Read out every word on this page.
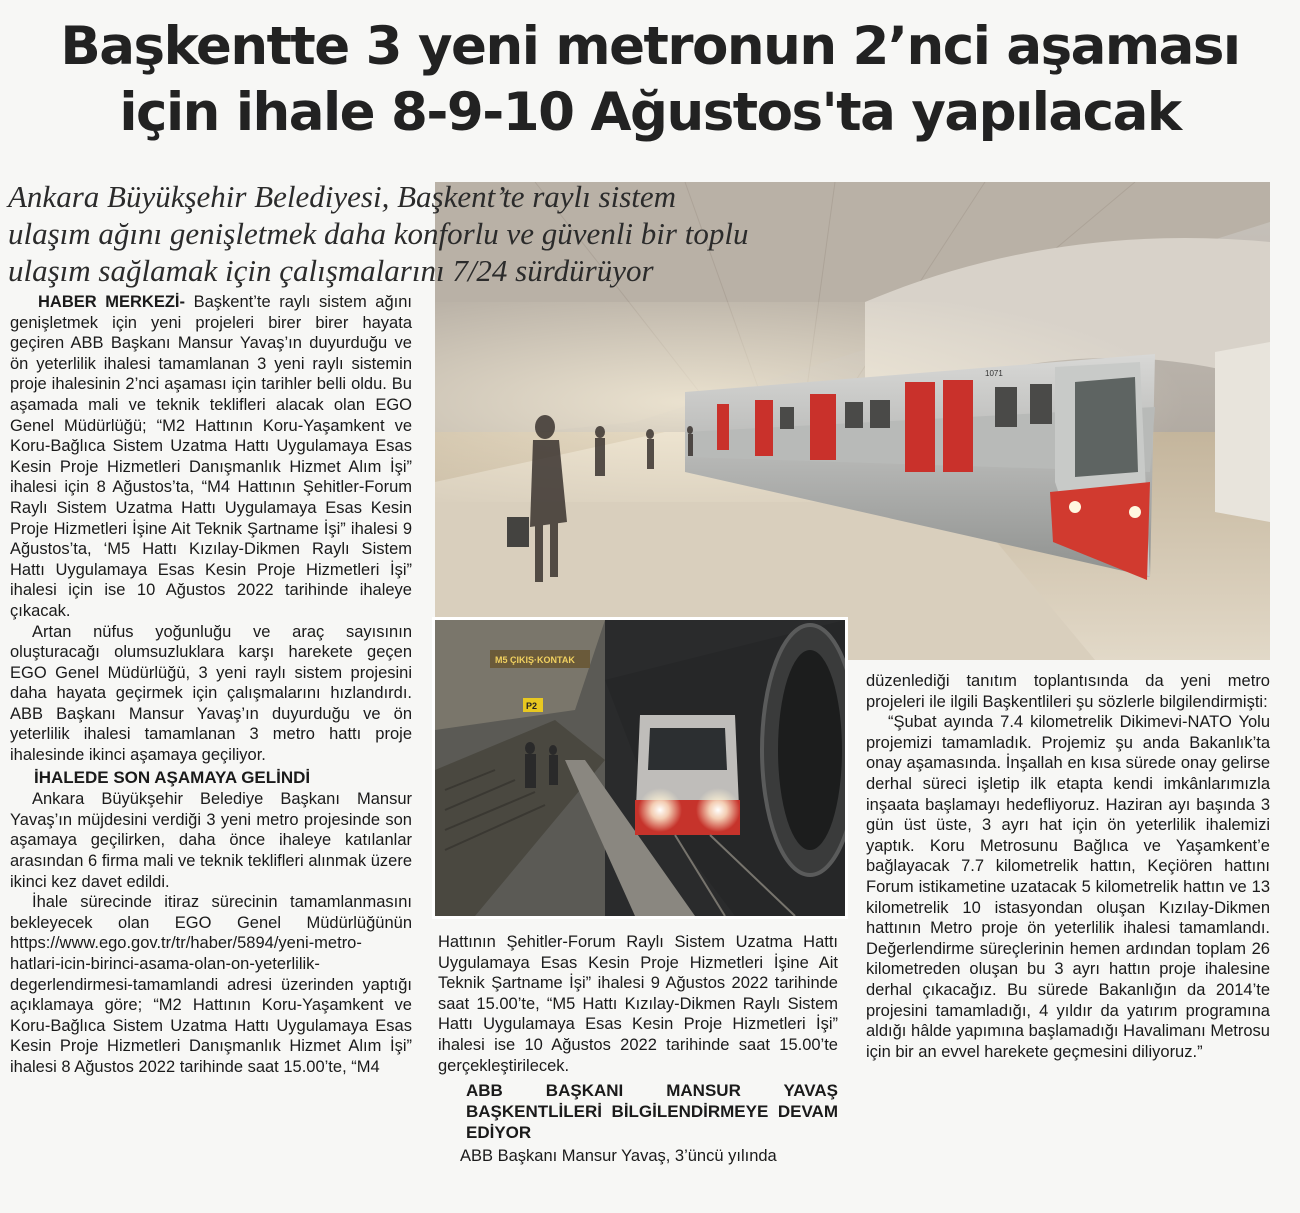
Başkentte 3 yeni metronun 2’nci aşaması
için ihale 8-9-10 Ağustos'ta yapılacak
Ankara Büyükşehir Belediyesi, Başkent’te raylı sistem
ulaşım ağını genişletmek daha konforlu ve güvenli bir toplu
ulaşım sağlamak için çalışmalarını 7/24 sürdürüyor
1071
M5 ÇIKIŞ·KONTAK
P2

HABER MERKEZİ- Başkent’te raylı sistem ağını genişletmek için yeni projeleri birer birer hayata geçiren ABB Başkanı Mansur Yavaş’ın duyurduğu ve ön yeterlilik ihalesi tamamlanan 3 yeni raylı sistemin proje ihalesinin 2’nci aşaması için tarihler belli oldu. Bu aşamada mali ve teknik teklifleri alacak olan EGO Genel Müdürlüğü; “M2 Hattının Koru-Yaşamkent ve Koru-Bağlıca Sistem Uzatma Hattı Uygulamaya Esas Kesin Proje Hizmetleri Danışmanlık Hizmet Alım İşi” ihalesi için 8 Ağustos’ta, “M4 Hattının Şehitler-Forum Raylı Sistem Uzatma Hattı Uygulamaya Esas Kesin Proje Hizmetleri İşine Ait Teknik Şartname İşi” ihalesi 9 Ağustos’ta, ‘M5 Hattı Kızılay-Dikmen Raylı Sistem Hattı Uygulamaya Esas Kesin Proje Hizmetleri İşi” ihalesi için ise 10 Ağustos 2022 tarihinde ihaleye çıkacak.

Artan nüfus yoğunluğu ve araç sayısının oluşturacağı olumsuzluklara karşı harekete geçen EGO Genel Müdürlüğü, 3 yeni raylı sistem projesini daha hayata geçirmek için çalışmalarını hızlandırdı. ABB Başkanı Mansur Yavaş’ın duyurduğu ve ön yeterlilik ihalesi tamamlanan 3 metro hattı proje ihalesinde ikinci aşamaya geçiliyor.

İHALEDE SON AŞAMAYA GELİNDİ

Ankara Büyükşehir Belediye Başkanı Mansur Yavaş’ın müjdesini verdiği 3 yeni metro projesinde son aşamaya geçilirken, daha önce ihaleye katılanlar arasından 6 firma mali ve teknik teklifleri alınmak üzere ikinci kez davet edildi.

İhale sürecinde itiraz sürecinin tamamlanmasını bekleyecek olan EGO Genel Müdürlüğünün https://www.ego.gov.tr/tr/haber/5894/yeni-metro-hatlari-icin-birinci-asama-olan-on-yeterlilik-degerlendirmesi-tamamlandi adresi üzerinden yaptığı açıklamaya göre; “M2 Hattının Koru-Yaşamkent ve Koru-Bağlıca Sistem Uzatma Hattı Uygulamaya Esas Kesin Proje Hizmetleri Danışmanlık Hizmet Alım İşi” ihalesi 8 Ağustos 2022 tarihinde saat 15.00’te, “M4

Hattının Şehitler-Forum Raylı Sistem Uzatma Hattı Uygulamaya Esas Kesin Proje Hizmetleri İşine Ait Teknik Şartname İşi” ihalesi 9 Ağustos 2022 tarihinde saat 15.00’te, “M5 Hattı Kızılay-Dikmen Raylı Sistem Hattı Uygulamaya Esas Kesin Proje Hizmetleri İşi” ihalesi ise 10 Ağustos 2022 tarihinde saat 15.00’te gerçekleştirilecek.

ABB BAŞKANI MANSUR YAVAŞ BAŞKENTLİLERİ BİLGİLENDİRMEYE DEVAM EDİYOR

ABB Başkanı Mansur Yavaş, 3’üncü yılında

düzenlediği tanıtım toplantısında da yeni metro projeleri ile ilgili Başkentlileri şu sözlerle bilgilendirmişti:

“Şubat ayında 7.4 kilometrelik Dikimevi-NATO Yolu projemizi tamamladık. Projemiz şu anda Bakanlık’ta onay aşamasında. İnşallah en kısa sürede onay gelirse derhal süreci işletip ilk etapta kendi imkânlarımızla inşaata başlamayı hedefliyoruz. Haziran ayı başında 3 gün üst üste, 3 ayrı hat için ön yeterlilik ihalemizi yaptık. Koru Metrosunu Bağlıca ve Yaşamkent’e bağlayacak 7.7 kilometrelik hattın, Keçiören hattını Forum istikametine uzatacak 5 kilometrelik hattın ve 13 kilometrelik 10 istasyondan oluşan Kızılay-Dikmen hattının Metro proje ön yeterlilik ihalesi tamamlandı. Değerlendirme süreçlerinin hemen ardından toplam 26 kilometreden oluşan bu 3 ayrı hattın proje ihalesine derhal çıkacağız. Bu sürede Bakanlığın da 2014’te projesini tamamladığı, 4 yıldır da yatırım programına aldığı hâlde yapımına başlamadığı Havalimanı Metrosu için bir an evvel harekete geçmesini diliyoruz.”
